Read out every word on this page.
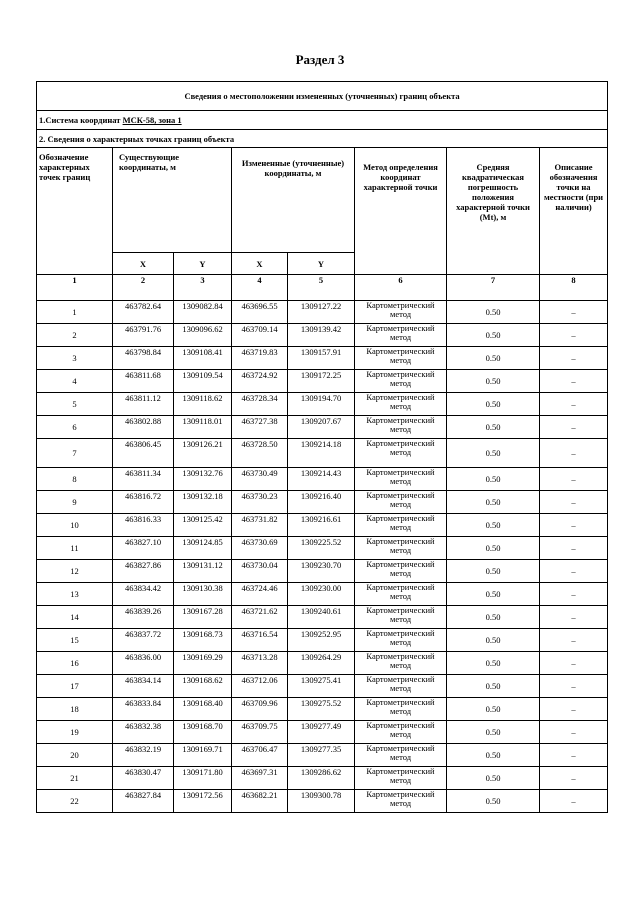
Раздел 3
Сведения о местоположении измененных (уточненных) границ объекта							
1.Система координат МСК-58, зона 1							
2. Сведения о характерных точках границ объекта							
Обозначение характерных точек границ	Существующие координаты, м		Измененные (уточненные) координаты, м		Метод определения координат характерной точки	Средняя квадратическая погрешность положения характерной точки (Mt), м	Описание обозначения точки на местности (при наличии)
	X	Y	X	Y			
1	2	3	4	5	6	7	8
1	463782.64	1309082.84	463696.55	1309127.22	Картометрический метод	0.50	–
2	463791.76	1309096.62	463709.14	1309139.42	Картометрический метод	0.50	–
3	463798.84	1309108.41	463719.83	1309157.91	Картометрический метод	0.50	–
4	463811.68	1309109.54	463724.92	1309172.25	Картометрический метод	0.50	–
5	463811.12	1309118.62	463728.34	1309194.70	Картометрический метод	0.50	–
6	463802.88	1309118.01	463727.38	1309207.67	Картометрический метод	0.50	–
7	463806.45	1309126.21	463728.50	1309214.18	Картометрический метод	0.50	–
8	463811.34	1309132.76	463730.49	1309214.43	Картометрический метод	0.50	–
9	463816.72	1309132.18	463730.23	1309216.40	Картометрический метод	0.50	–
10	463816.33	1309125.42	463731.82	1309216.61	Картометрический метод	0.50	–
11	463827.10	1309124.85	463730.69	1309225.52	Картометрический метод	0.50	–
12	463827.86	1309131.12	463730.04	1309230.70	Картометрический метод	0.50	–
13	463834.42	1309130.38	463724.46	1309230.00	Картометрический метод	0.50	–
14	463839.26	1309167.28	463721.62	1309240.61	Картометрический метод	0.50	–
15	463837.72	1309168.73	463716.54	1309252.95	Картометрический метод	0.50	–
16	463836.00	1309169.29	463713.28	1309264.29	Картометрический метод	0.50	–
17	463834.14	1309168.62	463712.06	1309275.41	Картометрический метод	0.50	–
18	463833.84	1309168.40	463709.96	1309275.52	Картометрический метод	0.50	–
19	463832.38	1309168.70	463709.75	1309277.49	Картометрический метод	0.50	–
20	463832.19	1309169.71	463706.47	1309277.35	Картометрический метод	0.50	–
21	463830.47	1309171.80	463697.31	1309286.62	Картометрический метод	0.50	–
22	463827.84	1309172.56	463682.21	1309300.78	Картометрический метод	0.50	–
